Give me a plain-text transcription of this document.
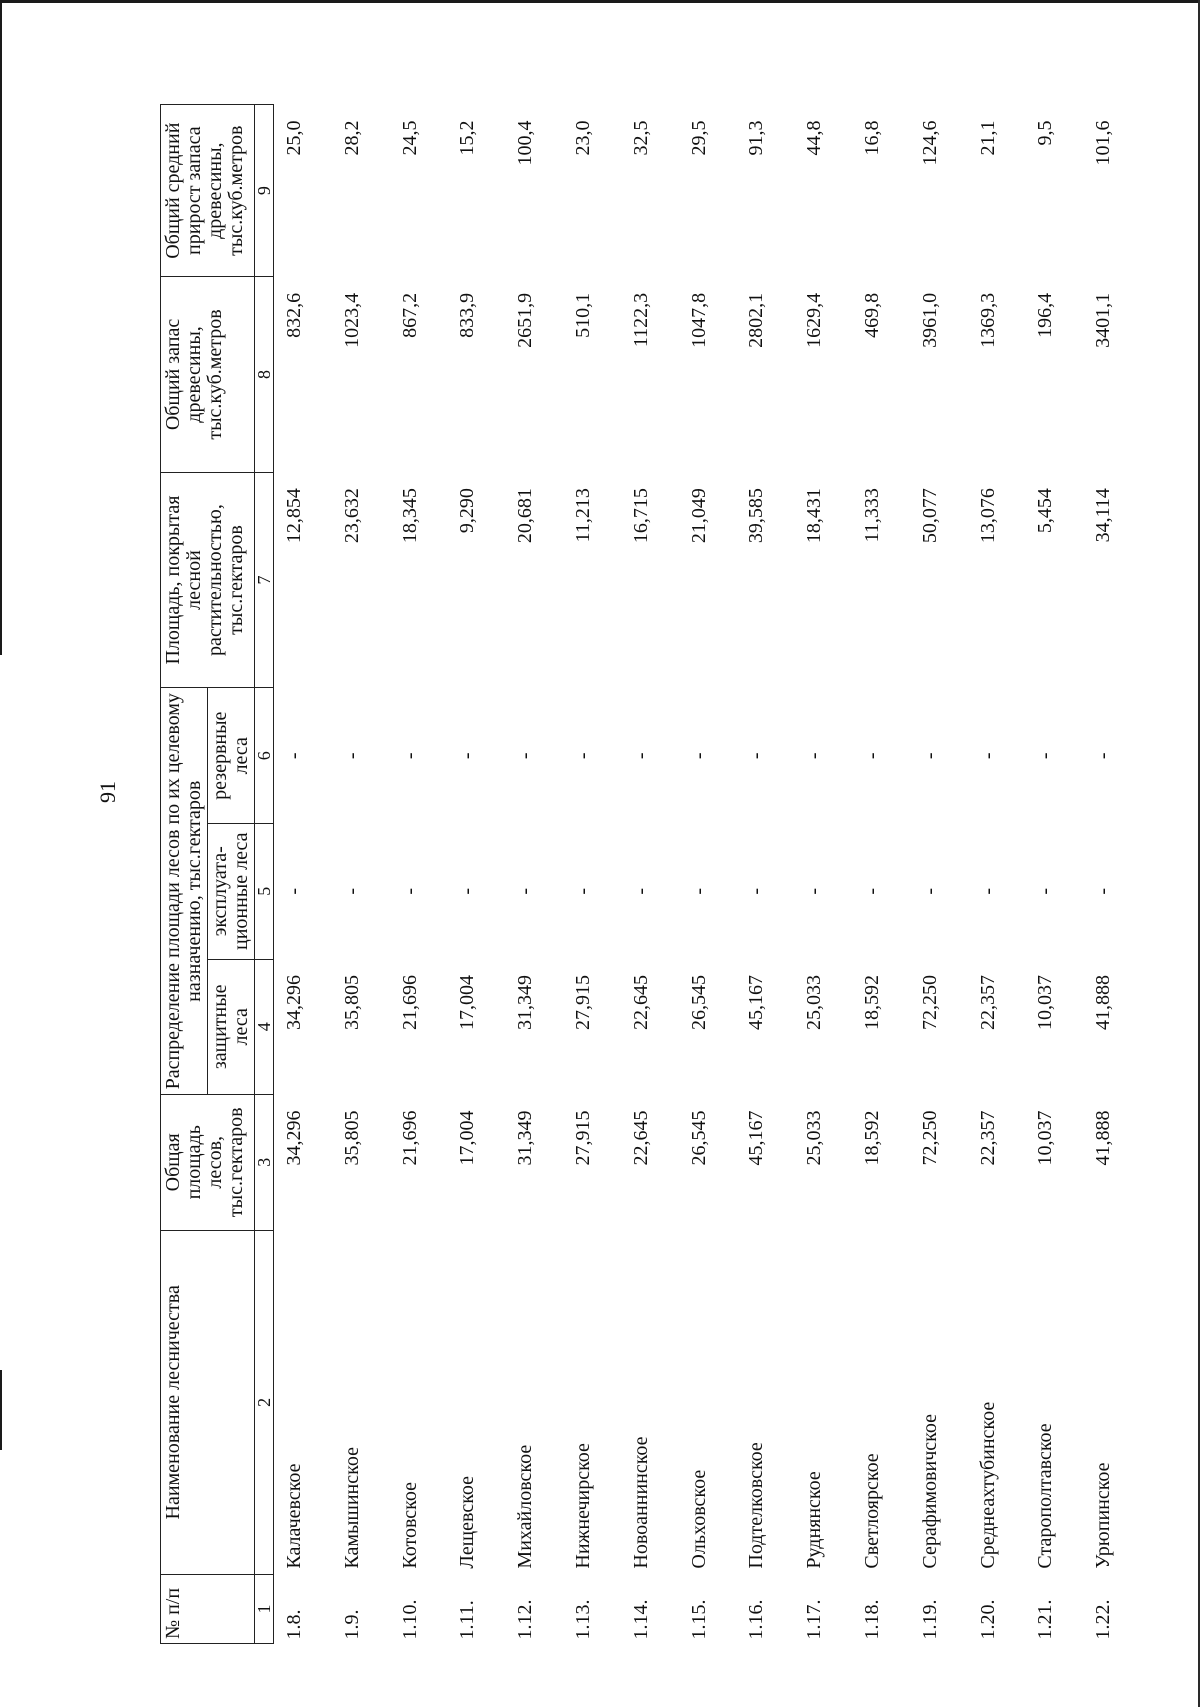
91
№ п/п	Наименование лесничества	Общая площадь лесов, тыс.гектаров	Распределение площади лесов по их целевому назначению, тыс.гектаров			Площадь, покрытая лесной растительностью, тыс.гектаров	Общий запас древесины, тыс.куб.метров	Общий средний прирост запаса древесины, тыс.куб.метров
			защитные леса	эксплуата-ционные леса	резервные леса			
1	2	3	4	5	6	7	8	9
1.8.	Калачевское	34,296	34,296	-	-	12,854	832,6	25,0
1.9.	Камышинское	35,805	35,805	-	-	23,632	1023,4	28,2
1.10.	Котовское	21,696	21,696	-	-	18,345	867,2	24,5
1.11.	Лещевское	17,004	17,004	-	-	9,290	833,9	15,2
1.12.	Михайловское	31,349	31,349	-	-	20,681	2651,9	100,4
1.13.	Нижнечирское	27,915	27,915	-	-	11,213	510,1	23,0
1.14.	Новоаннинское	22,645	22,645	-	-	16,715	1122,3	32,5
1.15.	Ольховское	26,545	26,545	-	-	21,049	1047,8	29,5
1.16.	Подтелковское	45,167	45,167	-	-	39,585	2802,1	91,3
1.17.	Руднянское	25,033	25,033	-	-	18,431	1629,4	44,8
1.18.	Светлоярское	18,592	18,592	-	-	11,333	469,8	16,8
1.19.	Серафимовичское	72,250	72,250	-	-	50,077	3961,0	124,6
1.20.	Среднеахтубинское	22,357	22,357	-	-	13,076	1369,3	21,1
1.21.	Старополтавское	10,037	10,037	-	-	5,454	196,4	9,5
1.22.	Урюпинское	41,888	41,888	-	-	34,114	3401,1	101,6
